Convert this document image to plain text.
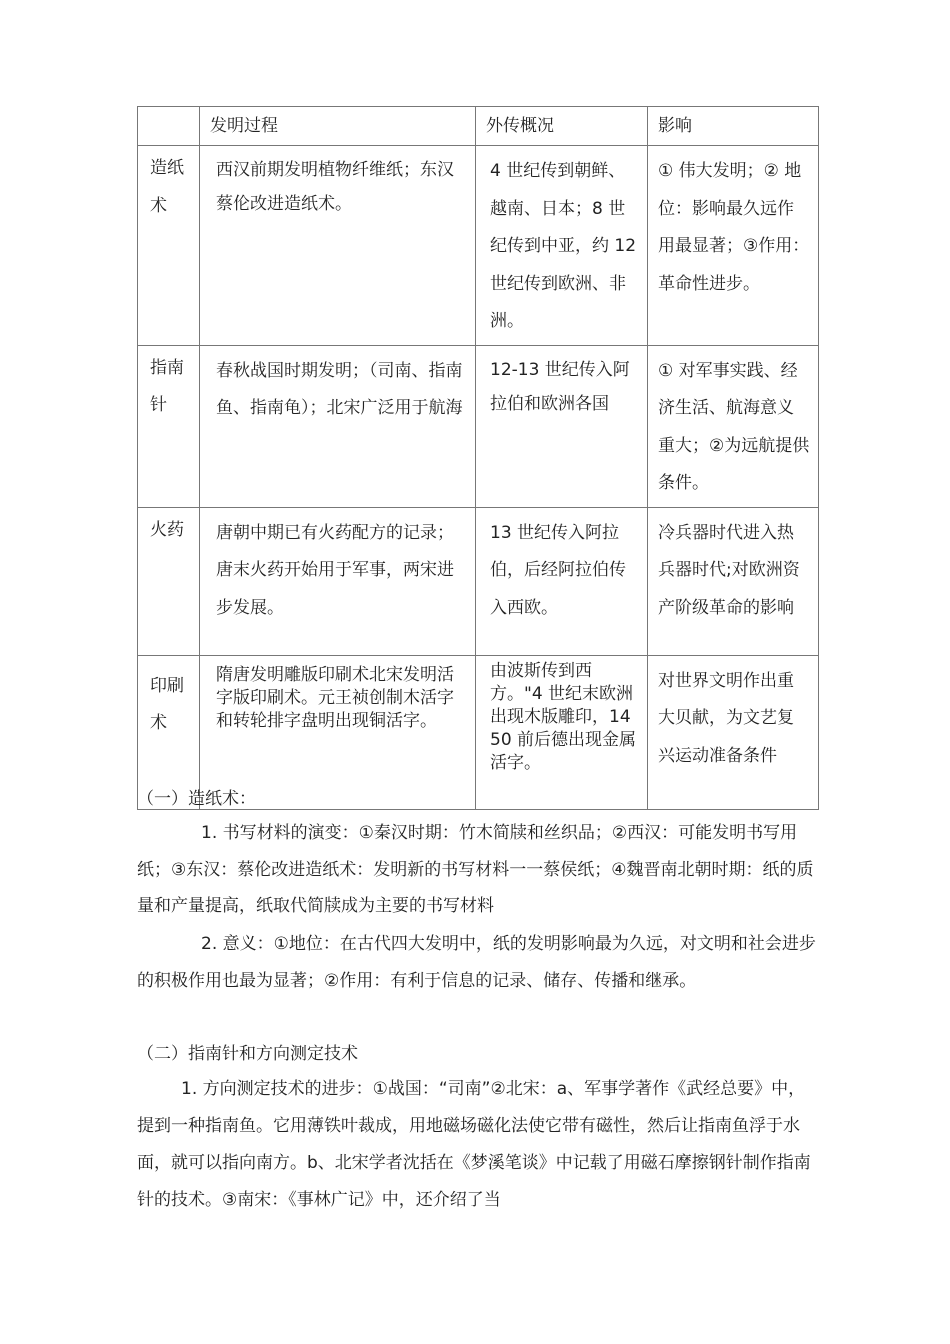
	发明过程	外传概况	影响

造纸术	西汉前期发明植物纤维纸；东汉蔡伦改进造纸术。	4 世纪传到朝鲜、越南、日本；8 世纪传到中亚，约 12 世纪传到欧洲、非洲。	① 伟大发明；② 地位：影响最久远作用最显著；③作用：革命性进步。

指南针	春秋战国时期发明；（司南、指南鱼、指南龟）；北宋广泛用于航海	12-13 世纪传入阿拉伯和欧洲各国	① 对军事实践、经济生活、航海意义重大；②为远航提供条件。

火药	唐朝中期已有火药配方的记录；唐末火药开始用于军事，两宋进步发展。	13 世纪传入阿拉伯，后经阿拉伯传入西欧。	冷兵器时代进入热兵器时代;对欧洲资产阶级革命的影响

印刷术	隋唐发明雕版印刷术北宋发明活字版印刷术。元王祯创制木活字和转轮排字盘明出现铜活字。	由波斯传到西方。"4 世纪末欧洲出现木版雕印，1450 前后德出现金属活字。	对世界文明作出重大贝献，为文艺复兴运动准备条件
（一）造纸术：
1. 书写材料的演变：①秦汉时期：竹木简牍和丝织品；②西汉：可能发明书写用纸；③东汉：蔡伦改进造纸术：发明新的书写材料一一蔡侯纸；④魏晋南北朝时期：纸的质量和产量提高，纸取代简牍成为主要的书写材料
2. 意义：①地位：在古代四大发明中，纸的发明影响最为久远，对文明和社会进步的积极作用也最为显著；②作用：有利于信息的记录、储存、传播和继承。
（二）指南针和方向测定技术
1. 方向测定技术的进步：①战国：“司南”②北宋：a、军事学著作《武经总要》中，提到一种指南鱼。它用薄铁叶裁成，用地磁场磁化法使它带有磁性，然后让指南鱼浮于水面，就可以指向南方。b、北宋学者沈括在《梦溪笔谈》中记载了用磁石摩擦钢针制作指南针的技术。③南宋：《事林广记》中，还介绍了当
